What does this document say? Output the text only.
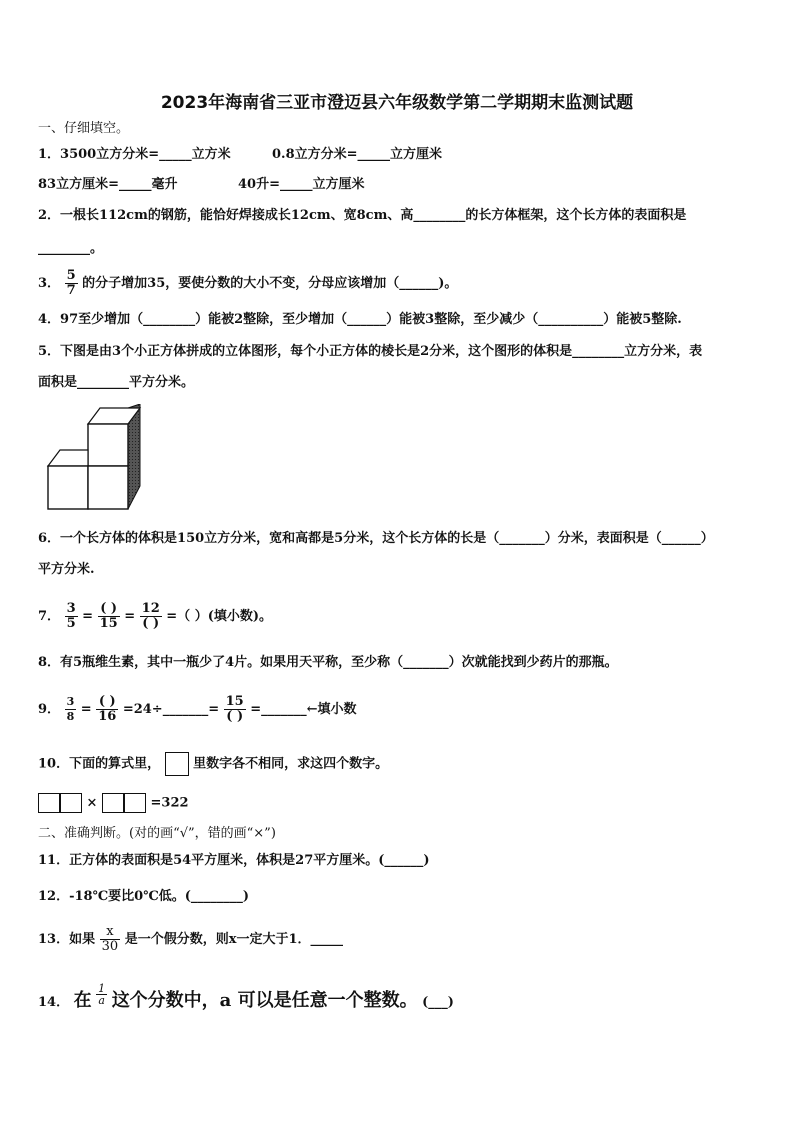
2023年海南省三亚市澄迈县六年级数学第二学期期末监测试题
一、仔细填空。
1．3500立方分米=_____立方米	0.8立方分米=_____立方厘米
83立方厘米=_____毫升	40升=_____立方厘米
2．一根长112cm的钢筋，能恰好焊接成长12cm、宽8cm、高________的长方体框架，这个长方体的表面积是
________。
3． $\frac{5}{7}$ 的分子增加35，要使分数的大小不变，分母应该增加（______)。
4．97至少增加（________）能被2整除，至少增加（______）能被3整除，至少减少（__________）能被5整除.
5．下图是由3个小正方体拼成的立体图形，每个小正方体的棱长是2分米，这个图形的体积是________立方分米，表
面积是________平方分米。
6．一个长方体的体积是150立方分米，宽和高都是5分米，这个长方体的长是（_______）分米，表面积是（______）
平方分米.
7． $\frac{3}{5} = \frac{( )}{15} = \frac{12}{( )}$ =（ ）(填小数)。
8．有5瓶维生素，其中一瓶少了4片。如果用天平称，至少称（_______）次就能找到少药片的那瓶。
9． $\frac{3}{8} = \frac{( )}{16}$ =24÷_______= $\frac{15}{( )}$ =_______←填小数
10．下面的算式里，	里数字各不相同，求这四个数字。
×	=322
二、准确判断。(对的画“√”，错的画“×”)
11．正方体的表面积是54平方厘米，体积是27平方厘米。(______)
12．-18℃要比0℃低。(________)
13．如果 $\frac{x}{30}$ 是一个假分数，则x一定大于1．_____
14． 在 $\frac{1}{a}$ 这个分数中，a 可以是任意一个整数。 (___)
